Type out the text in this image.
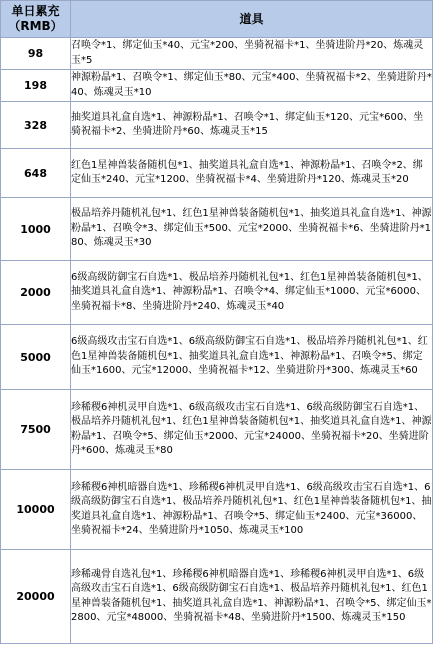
单日累充
（RMB）	道具
98	召唤令*1、绑定仙玉*40、元宝*200、坐骑祝福卡*1、坐骑进阶丹*20、炼魂灵玉*5
198	神源粉晶*1、召唤令*1、绑定仙玉*80、元宝*400、坐骑祝福卡*2、坐骑进阶丹*40、炼魂灵玉*10
328	抽奖道具礼盒自选*1、神源粉晶*1、召唤令*1、绑定仙玉*120、元宝*600、坐骑祝福卡*2、坐骑进阶丹*60、炼魂灵玉*15
648	红色1星神兽装备随机包*1、抽奖道具礼盒自选*1、神源粉晶*1、召唤令*2、绑定仙玉*240、元宝*1200、坐骑祝福卡*4、坐骑进阶丹*120、炼魂灵玉*20
1000	极品培养丹随机礼包*1、红色1星神兽装备随机包*1、抽奖道具礼盒自选*1、神源粉晶*1、召唤令*3、绑定仙玉*500、元宝*2000、坐骑祝福卡*6、坐骑进阶丹*180、炼魂灵玉*30
2000	6级高级防御宝石自选*1、极品培养丹随机礼包*1、红色1星神兽装备随机包*1、抽奖道具礼盒自选*1、神源粉晶*1、召唤令*4、绑定仙玉*1000、元宝*6000、坐骑祝福卡*8、坐骑进阶丹*240、炼魂灵玉*40
5000	6级高级攻击宝石自选*1、6级高级防御宝石自选*1、极品培养丹随机礼包*1、红色1星神兽装备随机包*1、抽奖道具礼盒自选*1、神源粉晶*1、召唤令*5、绑定仙玉*1600、元宝*12000、坐骑祝福卡*12、坐骑进阶丹*300、炼魂灵玉*60
7500	珍稀稷6神机灵甲自选*1、6级高级攻击宝石自选*1、6级高级防御宝石自选*1、极品培养丹随机礼包*1、红色1星神兽装备随机包*1、抽奖道具礼盒自选*1、神源粉晶*1、召唤令*5、绑定仙玉*2000、元宝*24000、坐骑祝福卡*20、坐骑进阶丹*600、炼魂灵玉*80
10000	珍稀稷6神机暗器自选*1、珍稀稷6神机灵甲自选*1、6级高级攻击宝石自选*1、6级高级防御宝石自选*1、极品培养丹随机礼包*1、红色1星神兽装备随机包*1、抽奖道具礼盒自选*1、神源粉晶*1、召唤令*5、绑定仙玉*2400、元宝*36000、坐骑祝福卡*24、坐骑进阶丹*1050、炼魂灵玉*100
20000	珍稀魂骨自选礼包*1、珍稀稷6神机暗器自选*1、珍稀稷6神机灵甲自选*1、6级高级攻击宝石自选*1、6级高级防御宝石自选*1、极品培养丹随机礼包*1、红色1星神兽装备随机包*1、抽奖道具礼盒自选*1、神源粉晶*1、召唤令*5、绑定仙玉*2800、元宝*48000、坐骑祝福卡*48、坐骑进阶丹*1500、炼魂灵玉*150
